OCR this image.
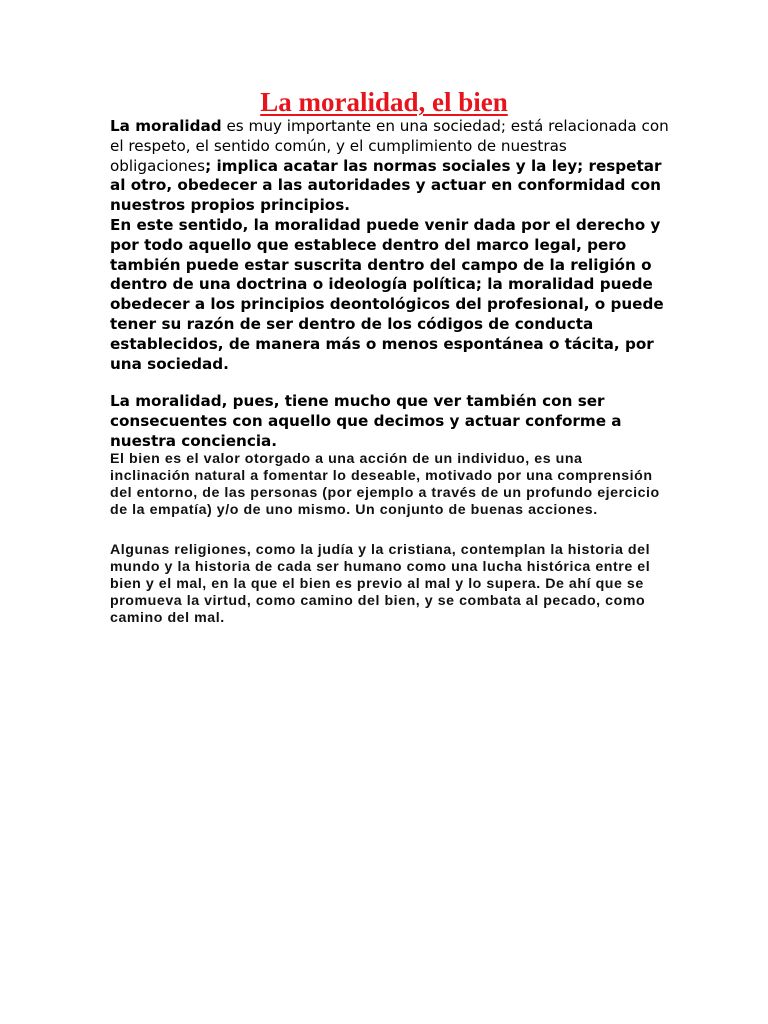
La moralidad, el bien

La moralidad es muy importante en una sociedad; está relacionada con el respeto, el sentido común, y el cumplimiento de nuestras obligaciones; implica acatar las normas sociales y la ley; respetar al otro, obedecer a las autoridades y actuar en conformidad con nuestros propios principios.

En este sentido, la moralidad puede venir dada por el derecho y por todo aquello que establece dentro del marco legal, pero también puede estar suscrita dentro del campo de la religión o dentro de una doctrina o ideología política; la moralidad puede obedecer a los principios deontológicos del profesional, o puede tener su razón de ser dentro de los códigos de conducta establecidos, de manera más o menos espontánea o tácita, por una sociedad.

La moralidad, pues, tiene mucho que ver también con ser consecuentes con aquello que decimos y actuar conforme a nuestra conciencia.

El bien es el valor otorgado a una acción de un individuo, es una inclinación natural a fomentar lo deseable, motivado por una comprensión del entorno, de las personas (por ejemplo a través de un profundo ejercicio de la empatía) y/o de uno mismo. Un conjunto de buenas acciones.

Algunas religiones, como la judía y la cristiana, contemplan la historia del mundo y la historia de cada ser humano como una lucha histórica entre el bien y el mal, en la que el bien es previo al mal y lo supera. De ahí que se promueva la virtud, como camino del bien, y se combata al pecado, como camino del mal.
